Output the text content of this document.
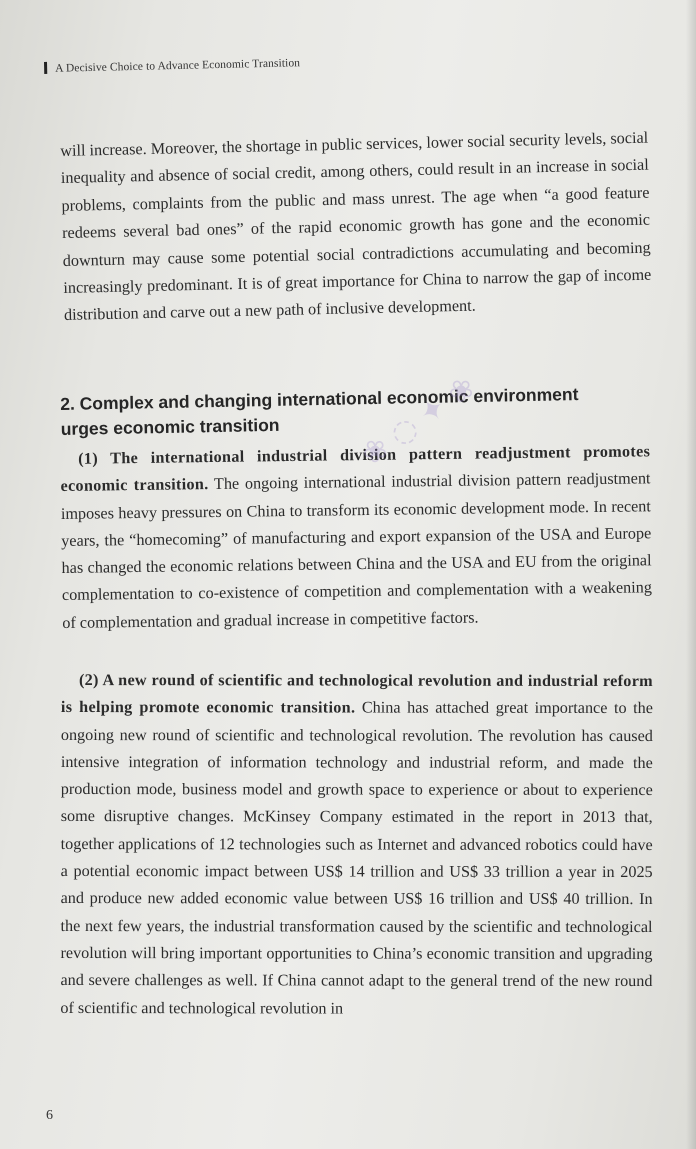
A Decisive Choice to Advance Economic Transition

will increase. Moreover, the shortage in public services, lower social security levels, social inequality and absence of social credit, among others, could result in an increase in social problems, complaints from the public and mass unrest. The age when “a good feature redeems several bad ones” of the rapid economic growth has gone and the economic downturn may cause some potential social contradictions accumulating and becoming increasingly predominant. It is of great importance for China to narrow the gap of income distribution and carve out a new path of inclusive development.

2. Complex and changing international economic environment urges economic transition

(1) The international industrial division pattern readjustment promotes economic transition. The ongoing international industrial division pattern readjustment imposes heavy pressures on China to transform its economic development mode. In recent years, the “homecoming” of manufacturing and export expansion of the USA and Europe has changed the economic relations between China and the USA and EU from the original complementation to co-existence of competition and complementation with a weakening of complementation and gradual increase in competitive factors.

(2) A new round of scientific and technological revolution and industrial reform is helping promote economic transition. China has attached great importance to the ongoing new round of scientific and technological revolution. The revolution has caused intensive integration of information technology and industrial reform, and made the production mode, business model and growth space to experience or about to experience some disruptive changes. McKinsey Company estimated in the report in 2013 that, together applications of 12 technologies such as Internet and advanced robotics could have a potential economic impact between US$ 14 trillion and US$ 33 trillion a year in 2025 and produce new added economic value between US$ 16 trillion and US$ 40 trillion. In the next few years, the industrial transformation caused by the scientific and technological revolution will bring important opportunities to China’s economic transition and upgrading and severe challenges as well. If China cannot adapt to the general trend of the new round of scientific and technological revolution in

6
❀ ◌ ✦ ❀
